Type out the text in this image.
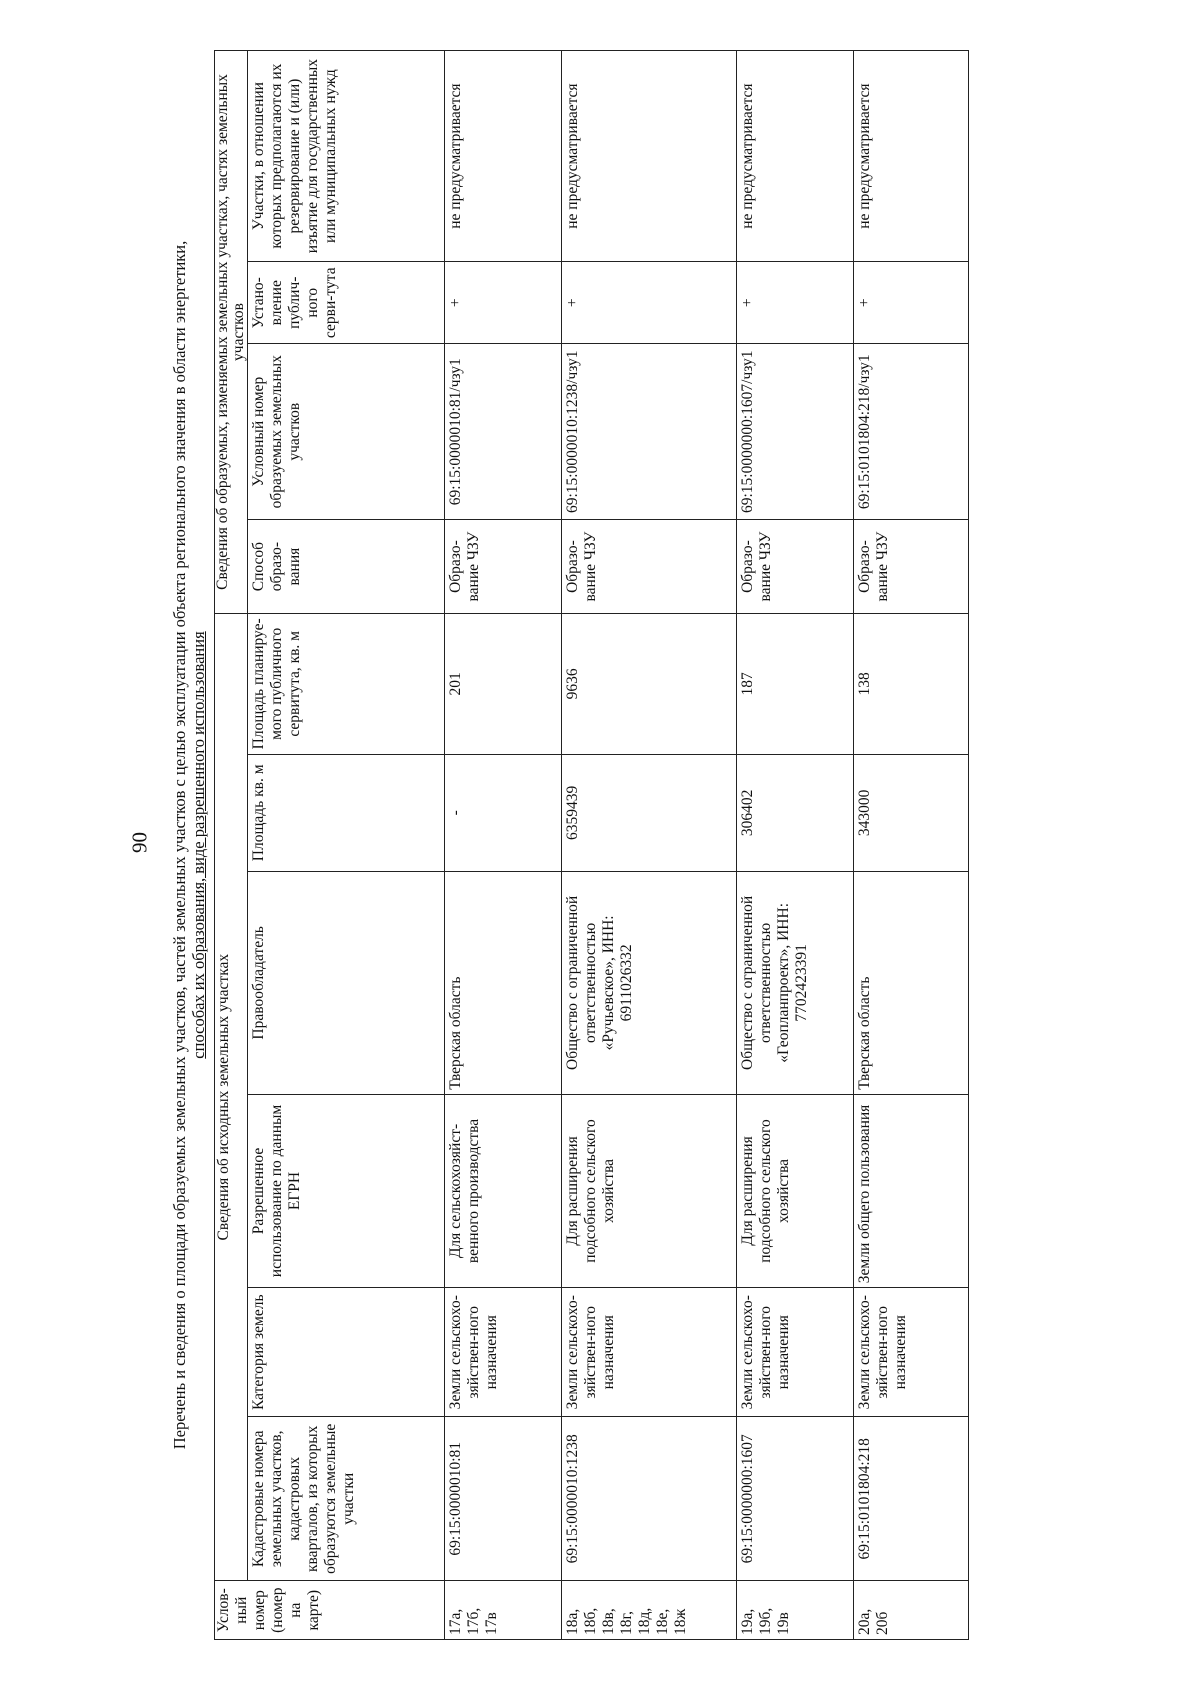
90 Перечень и сведения о площади образуемых земельных участков, частей земельных участков с целью эксплуатации объекта регионального значения в области энергетики, способах их образования, виде разрешенного использования
Услов-ный номер (номер на карте)	Сведения об исходных земельных участках						Сведения об образуемых, изменяемых земельных участках, частях земельных участков			
	Кадастровые номера земельных участков, кадастровых кварталов, из которых образуются земельные участки	Категория земель	Разрешенное использование по данным ЕГРН	Правообладатель	Площадь кв. м	Площадь планируе-мого публичного сервитута, кв. м	Способ образо-вания	Условный номер образуемых земельных участков	Устано-вление публич-ного серви-тута	Участки, в отношении которых предполагаются их резервирование и (или) изъятие для государственных или муниципальных нужд
17а, 17б, 17в	69:15:0000010:81	Земли сельскохо-зяйствен-ного назначения	Для сельскохозяйст-венного производства	Тверская область	-	201	Образо-вание ЧЗУ	69:15:0000010:81/чзу1	+	не предусматривается
18а, 18б, 18в, 18г, 18д, 18е, 18ж	69:15:0000010:1238	Земли сельскохо-зяйствен-ного назначения	Для расширения подсобного сельского хозяйства	Общество с ограниченной ответственностью «Ручьевское», ИНН: 6911026332	6359439	9636	Образо-вание ЧЗУ	69:15:0000010:1238/чзу1	+	не предусматривается
19а, 19б, 19в	69:15:0000000:1607	Земли сельскохо-зяйствен-ного назначения	Для расширения подсобного сельского хозяйства	Общество с ограниченной ответственностью «Геопланпроект», ИНН: 7702423391	306402	187	Образо-вание ЧЗУ	69:15:0000000:1607/чзу1	+	не предусматривается
20а, 20б	69:15:0101804:218	Земли сельскохо-зяйствен-ного назначения	Земли общего пользования	Тверская область	343000	138	Образо-вание ЧЗУ	69:15:0101804:218/чзу1	+	не предусматривается
